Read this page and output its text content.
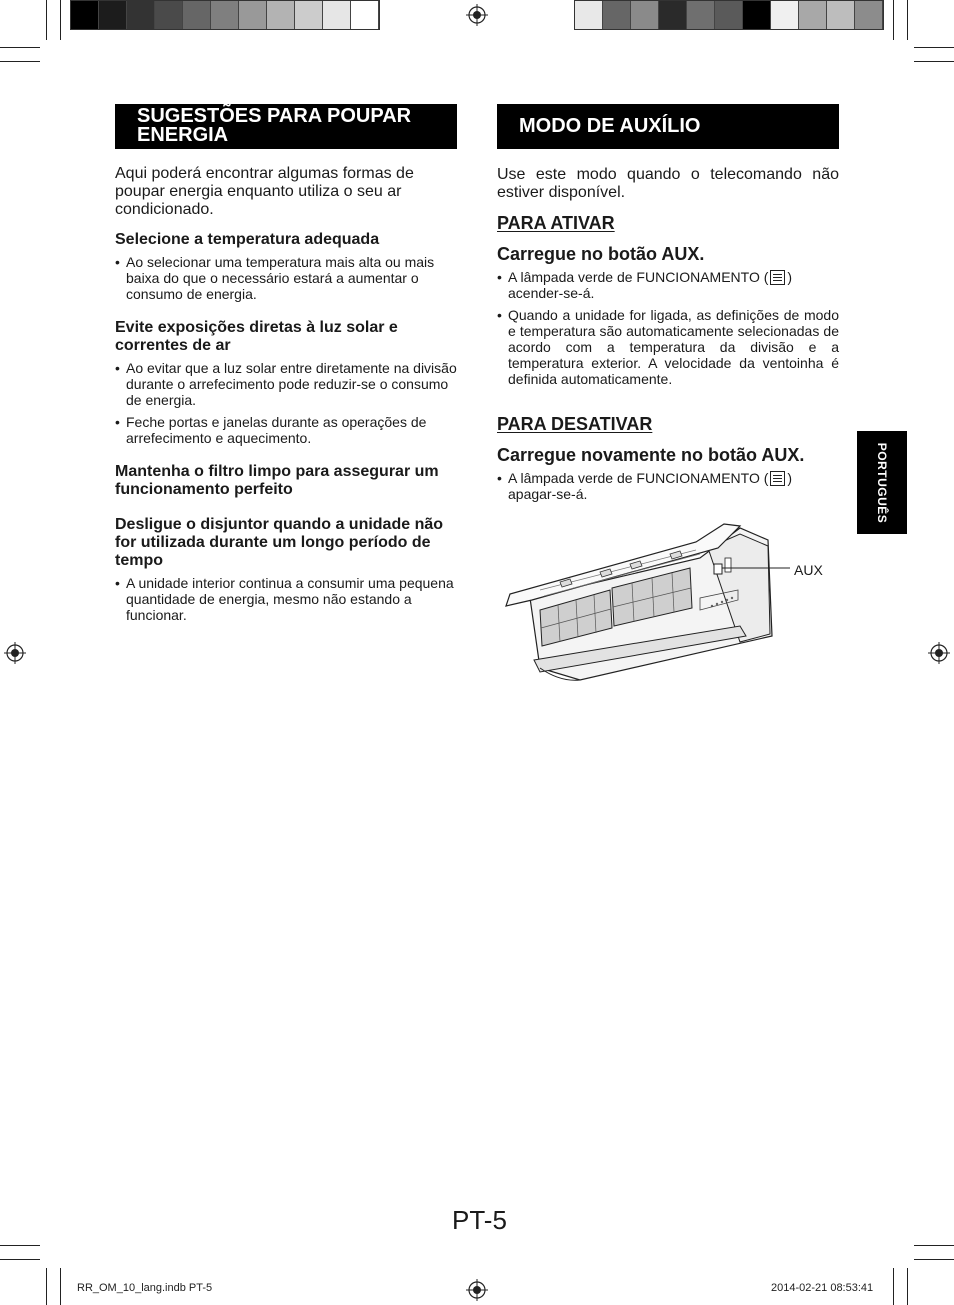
SUGESTÕES PARA POUPAR ENERGIA
Aqui poderá encontrar algumas formas de poupar energia enquanto utiliza o seu ar condicionado.
Selecione a temperatura adequada
• Ao selecionar uma temperatura mais alta ou mais baixa do que o necessário estará a aumentar o consumo de energia.
Evite exposições diretas à luz solar e correntes de ar
• Ao evitar que a luz solar entre diretamente na divisão durante o arrefecimento pode reduzir-se o consumo de energia.
• Feche portas e janelas durante as operações de arrefecimento e aquecimento.
Mantenha o filtro limpo para assegurar um funcionamento perfeito
Desligue o disjuntor quando a unidade não for utilizada durante um longo período de tempo
• A unidade interior continua a consumir uma pequena quantidade de energia, mesmo não estando a funcionar.
MODO DE AUXÍLIO
Use este modo quando o telecomando não estiver disponível.
PARA ATIVAR
Carregue no botão AUX.
• A lâmpada verde de FUNCIONAMENTO ( ) acender-se-á.
• Quando a unidade for ligada, as definições de modo e temperatura são automaticamente selecionadas de acordo com a temperatura da divisão e a temperatura exterior. A velocidade da ventoinha é definida automaticamente.
PARA DESATIVAR
Carregue novamente no botão AUX.
• A lâmpada verde de FUNCIONAMENTO ( ) apagar-se-á.
AUX
PORTUGUÊS
PT-5
RR_OM_10_lang.indb PT-5	2014-02-21 08:53:41
